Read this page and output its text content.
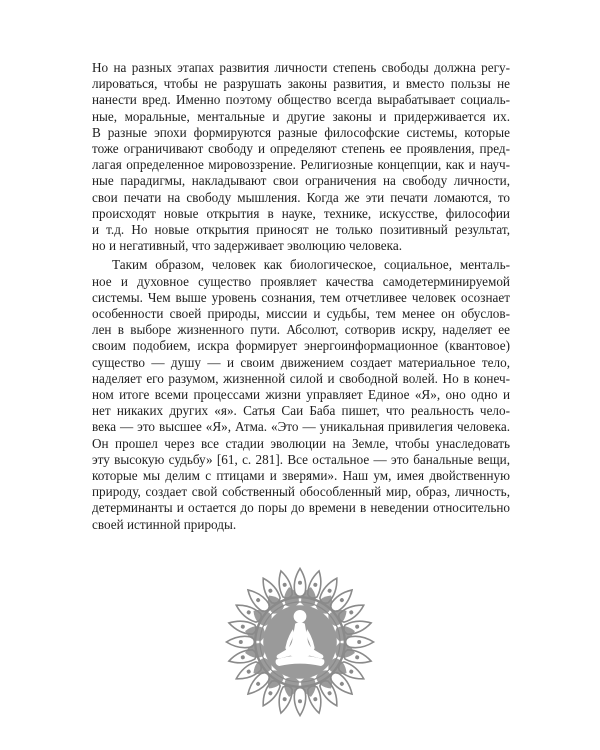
Но на разных этапах развития личности степень свободы должна регу-
лироваться, чтобы не разрушать законы развития, и вместо пользы не
нанести вред. Именно поэтому общество всегда вырабатывает социаль-
ные, моральные, ментальные и другие законы и придерживается их.
В разные эпохи формируются разные философские системы, которые
тоже ограничивают свободу и определяют степень ее проявления, пред-
лагая определенное мировоззрение. Религиозные концепции, как и науч-
ные парадигмы, накладывают свои ограничения на свободу личности,
свои печати на свободу мышления. Когда же эти печати ломаются, то
происходят новые открытия в науке, технике, искусстве, философии
и т.д. Но новые открытия приносят не только позитивный результат,
но и негативный, что задерживает эволюцию человека.
Таким образом, человек как биологическое, социальное, менталь-
ное и духовное существо проявляет качества самодетерминируемой
системы. Чем выше уровень сознания, тем отчетливее человек осознает
особенности своей природы, миссии и судьбы, тем менее он обуслов-
лен в выборе жизненного пути. Абсолют, сотворив искру, наделяет ее
своим подобием, искра формирует энергоинформационное (квантовое)
существо — душу — и своим движением создает материальное тело,
наделяет его разумом, жизненной силой и свободной волей. Но в конеч-
ном итоге всеми процессами жизни управляет Единое «Я», оно одно и
нет никаких других «я». Сатья Саи Баба пишет, что реальность чело-
века — это высшее «Я», Атма. «Это — уникальная привилегия человека.
Он прошел через все стадии эволюции на Земле, чтобы унаследовать
эту высокую судьбу» [61, с. 281]. Все остальное — это банальные вещи,
которые мы делим с птицами и зверями». Наш ум, имея двойственную
природу, создает свой собственный обособленный мир, образ, личность,
детерминанты и остается до поры до времени в неведении относительно
своей истинной природы.
